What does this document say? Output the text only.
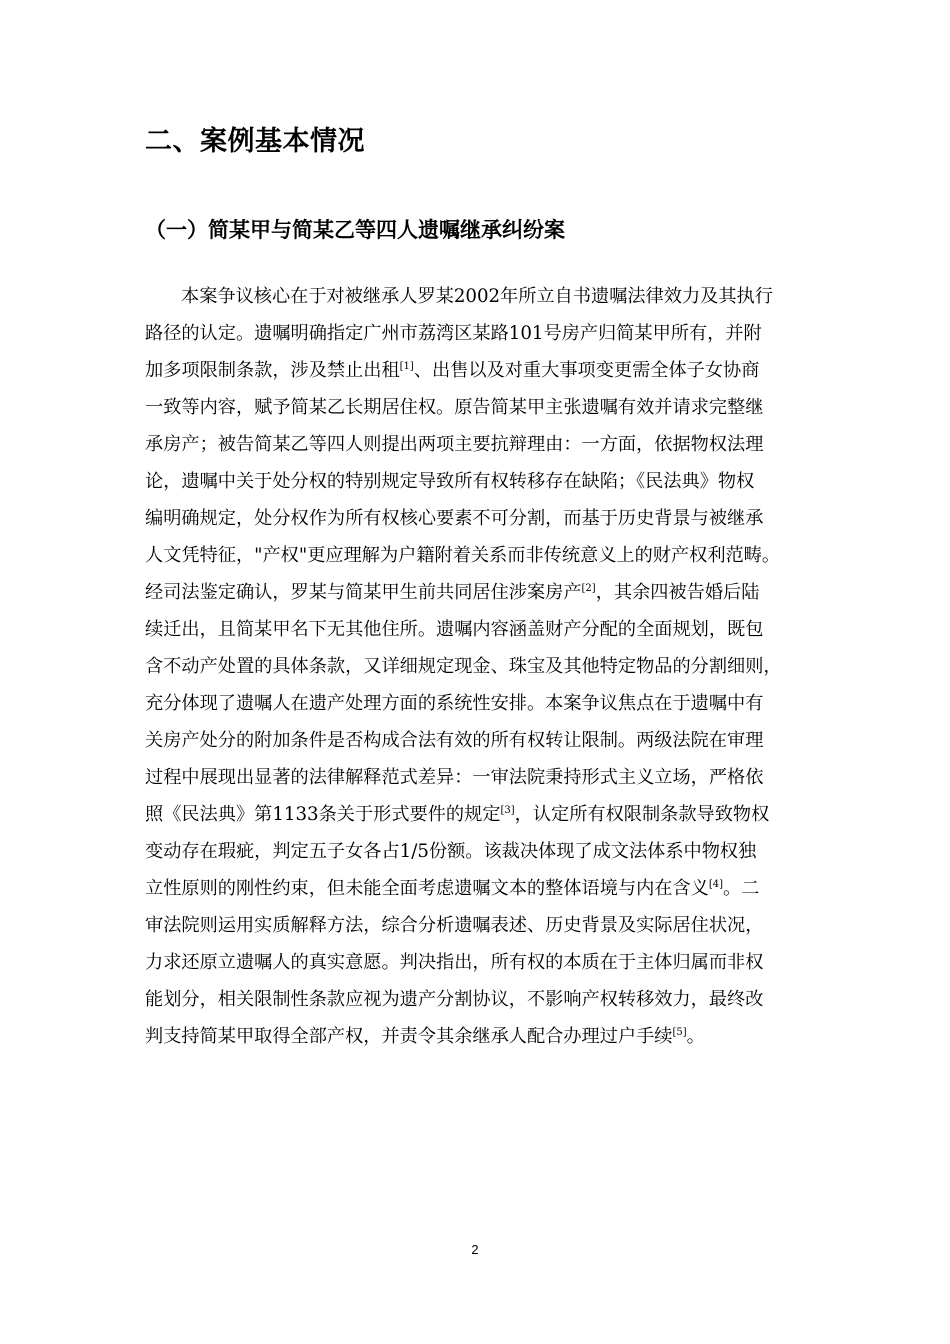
二、案例基本情况
（一）简某甲与简某乙等四人遗嘱继承纠纷案
本案争议核心在于对被继承人罗某2002年所立自书遗嘱法律效力及其执行
路径的认定。遗嘱明确指定广州市荔湾区某路101号房产归简某甲所有，并附
加多项限制条款，涉及禁止出租[1]、出售以及对重大事项变更需全体子女协商
一致等内容，赋予简某乙长期居住权。原告简某甲主张遗嘱有效并请求完整继
承房产；被告简某乙等四人则提出两项主要抗辩理由：一方面，依据物权法理
论，遗嘱中关于处分权的特别规定导致所有权转移存在缺陷；《民法典》物权
编明确规定，处分权作为所有权核心要素不可分割，而基于历史背景与被继承
人文凭特征，"产权"更应理解为户籍附着关系而非传统意义上的财产权利范畴。
经司法鉴定确认，罗某与简某甲生前共同居住涉案房产[2]，其余四被告婚后陆
续迁出，且简某甲名下无其他住所。遗嘱内容涵盖财产分配的全面规划，既包
含不动产处置的具体条款，又详细规定现金、珠宝及其他特定物品的分割细则，
充分体现了遗嘱人在遗产处理方面的系统性安排。本案争议焦点在于遗嘱中有
关房产处分的附加条件是否构成合法有效的所有权转让限制。两级法院在审理
过程中展现出显著的法律解释范式差异：一审法院秉持形式主义立场，严格依
照《民法典》第1133条关于形式要件的规定[3]，认定所有权限制条款导致物权
变动存在瑕疵，判定五子女各占1/5份额。该裁决体现了成文法体系中物权独
立性原则的刚性约束，但未能全面考虑遗嘱文本的整体语境与内在含义[4]。二
审法院则运用实质解释方法，综合分析遗嘱表述、历史背景及实际居住状况，
力求还原立遗嘱人的真实意愿。判决指出，所有权的本质在于主体归属而非权
能划分，相关限制性条款应视为遗产分割协议，不影响产权转移效力，最终改
判支持简某甲取得全部产权，并责令其余继承人配合办理过户手续[5]。
2
